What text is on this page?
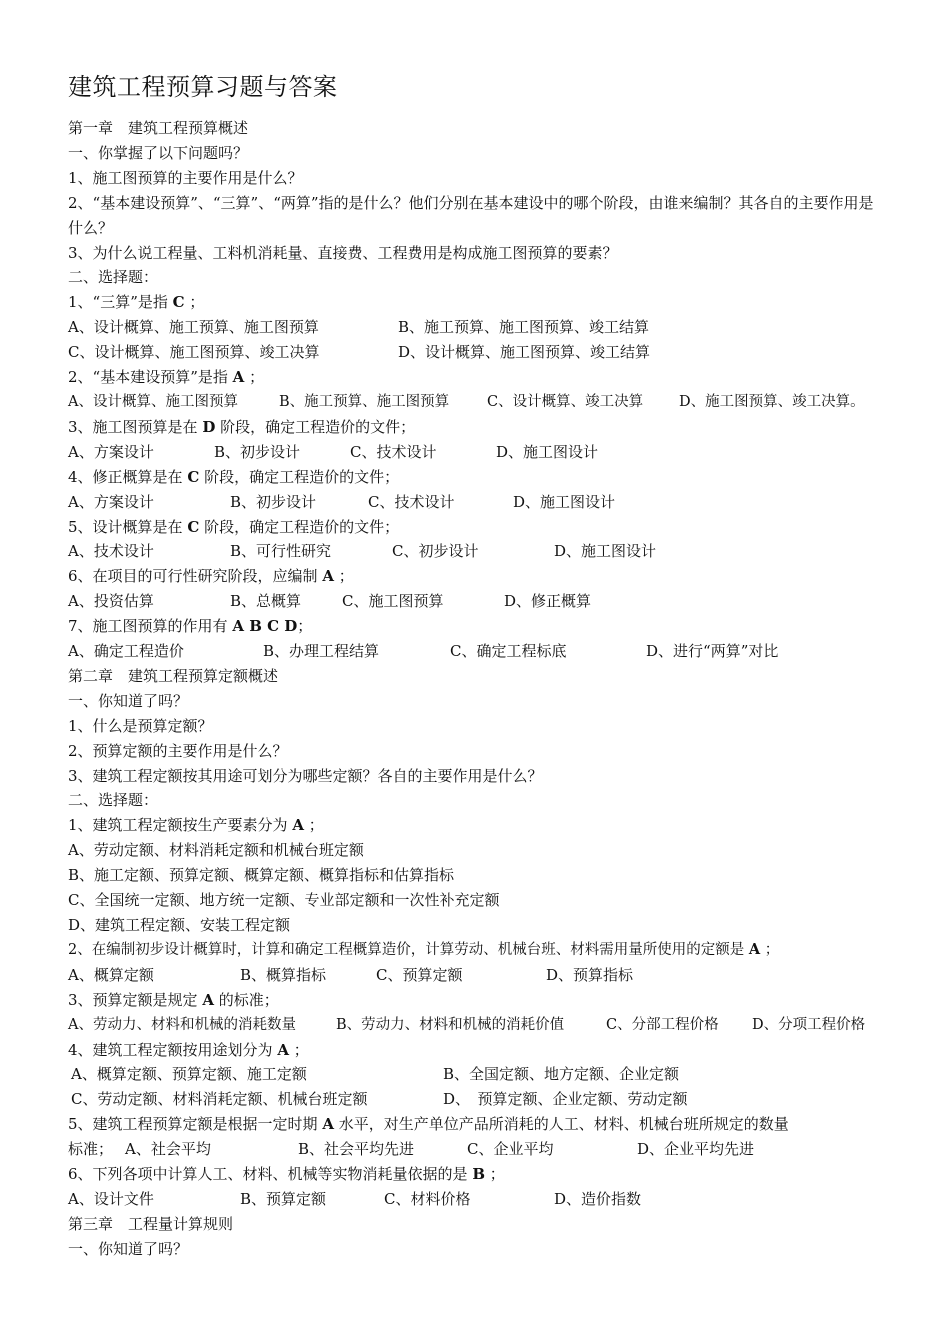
建筑工程预算习题与答案
第一章　建筑工程预算概述
一、你掌握了以下问题吗？
1、施工图预算的主要作用是什么？
2、“基本建设预算”、“三算”、“两算”指的是什么？他们分别在基本建设中的哪个阶段，由谁来编制？其各自的主要作用是什么？
3、为什么说工程量、工料机消耗量、直接费、工程费用是构成施工图预算的要素？
二、选择题：
1、“三算”是指 C ；
A、设计概算、施工预算、施工图预算	B、施工预算、施工图预算、竣工结算
C、设计概算、施工图预算、竣工决算	D、设计概算、施工图预算、竣工结算
2、“基本建设预算”是指 A ；
A、设计概算、施工图预算	B、施工预算、施工图预算	C、设计概算、竣工决算	D、施工图预算、竣工决算。
3、施工图预算是在 D 阶段，确定工程造价的文件；
A、方案设计	B、初步设计	C、技术设计	D、施工图设计
4、修正概算是在 C 阶段，确定工程造价的文件；
A、方案设计	B、初步设计	C、技术设计	D、施工图设计
5、设计概算是在 C 阶段，确定工程造价的文件；
A、技术设计	B、可行性研究	C、初步设计	D、施工图设计
6、在项目的可行性研究阶段，应编制 A ；
A、投资估算	B、总概算	C、施工图预算	D、修正概算
7、施工图预算的作用有 A B C D；
A、确定工程造价	B、办理工程结算	C、确定工程标底	D、进行“两算”对比
第二章　建筑工程预算定额概述
一、你知道了吗？
1、什么是预算定额？
2、预算定额的主要作用是什么？
3、建筑工程定额按其用途可划分为哪些定额？各自的主要作用是什么？
二、选择题：
1、建筑工程定额按生产要素分为 A ；
A、劳动定额、材料消耗定额和机械台班定额
B、施工定额、预算定额、概算定额、概算指标和估算指标
C、全国统一定额、地方统一定额、专业部定额和一次性补充定额
D、建筑工程定额、安装工程定额
2、在编制初步设计概算时，计算和确定工程概算造价，计算劳动、机械台班、材料需用量所使用的定额是 A ；
A、概算定额	B、概算指标	C、预算定额	D、预算指标
3、预算定额是规定 A 的标准；
A、劳动力、材料和机械的消耗数量	B、劳动力、材料和机械的消耗价值	C、分部工程价格	D、分项工程价格
4、建筑工程定额按用途划分为 A ；
A、概算定额、预算定额、施工定额	B、全国定额、地方定额、企业定额
C、劳动定额、材料消耗定额、机械台班定额	D、　预算定额、企业定额、劳动定额
5、建筑工程预算定额是根据一定时期 A 水平，对生产单位产品所消耗的人工、材料、机械台班所规定的数量
标准； A、社会平均	B、社会平均先进	C、企业平均	D、企业平均先进
6、下列各项中计算人工、材料、机械等实物消耗量依据的是 B ；
A、设计文件	B、预算定额	C、材料价格	D、造价指数
第三章　工程量计算规则
一、你知道了吗？
